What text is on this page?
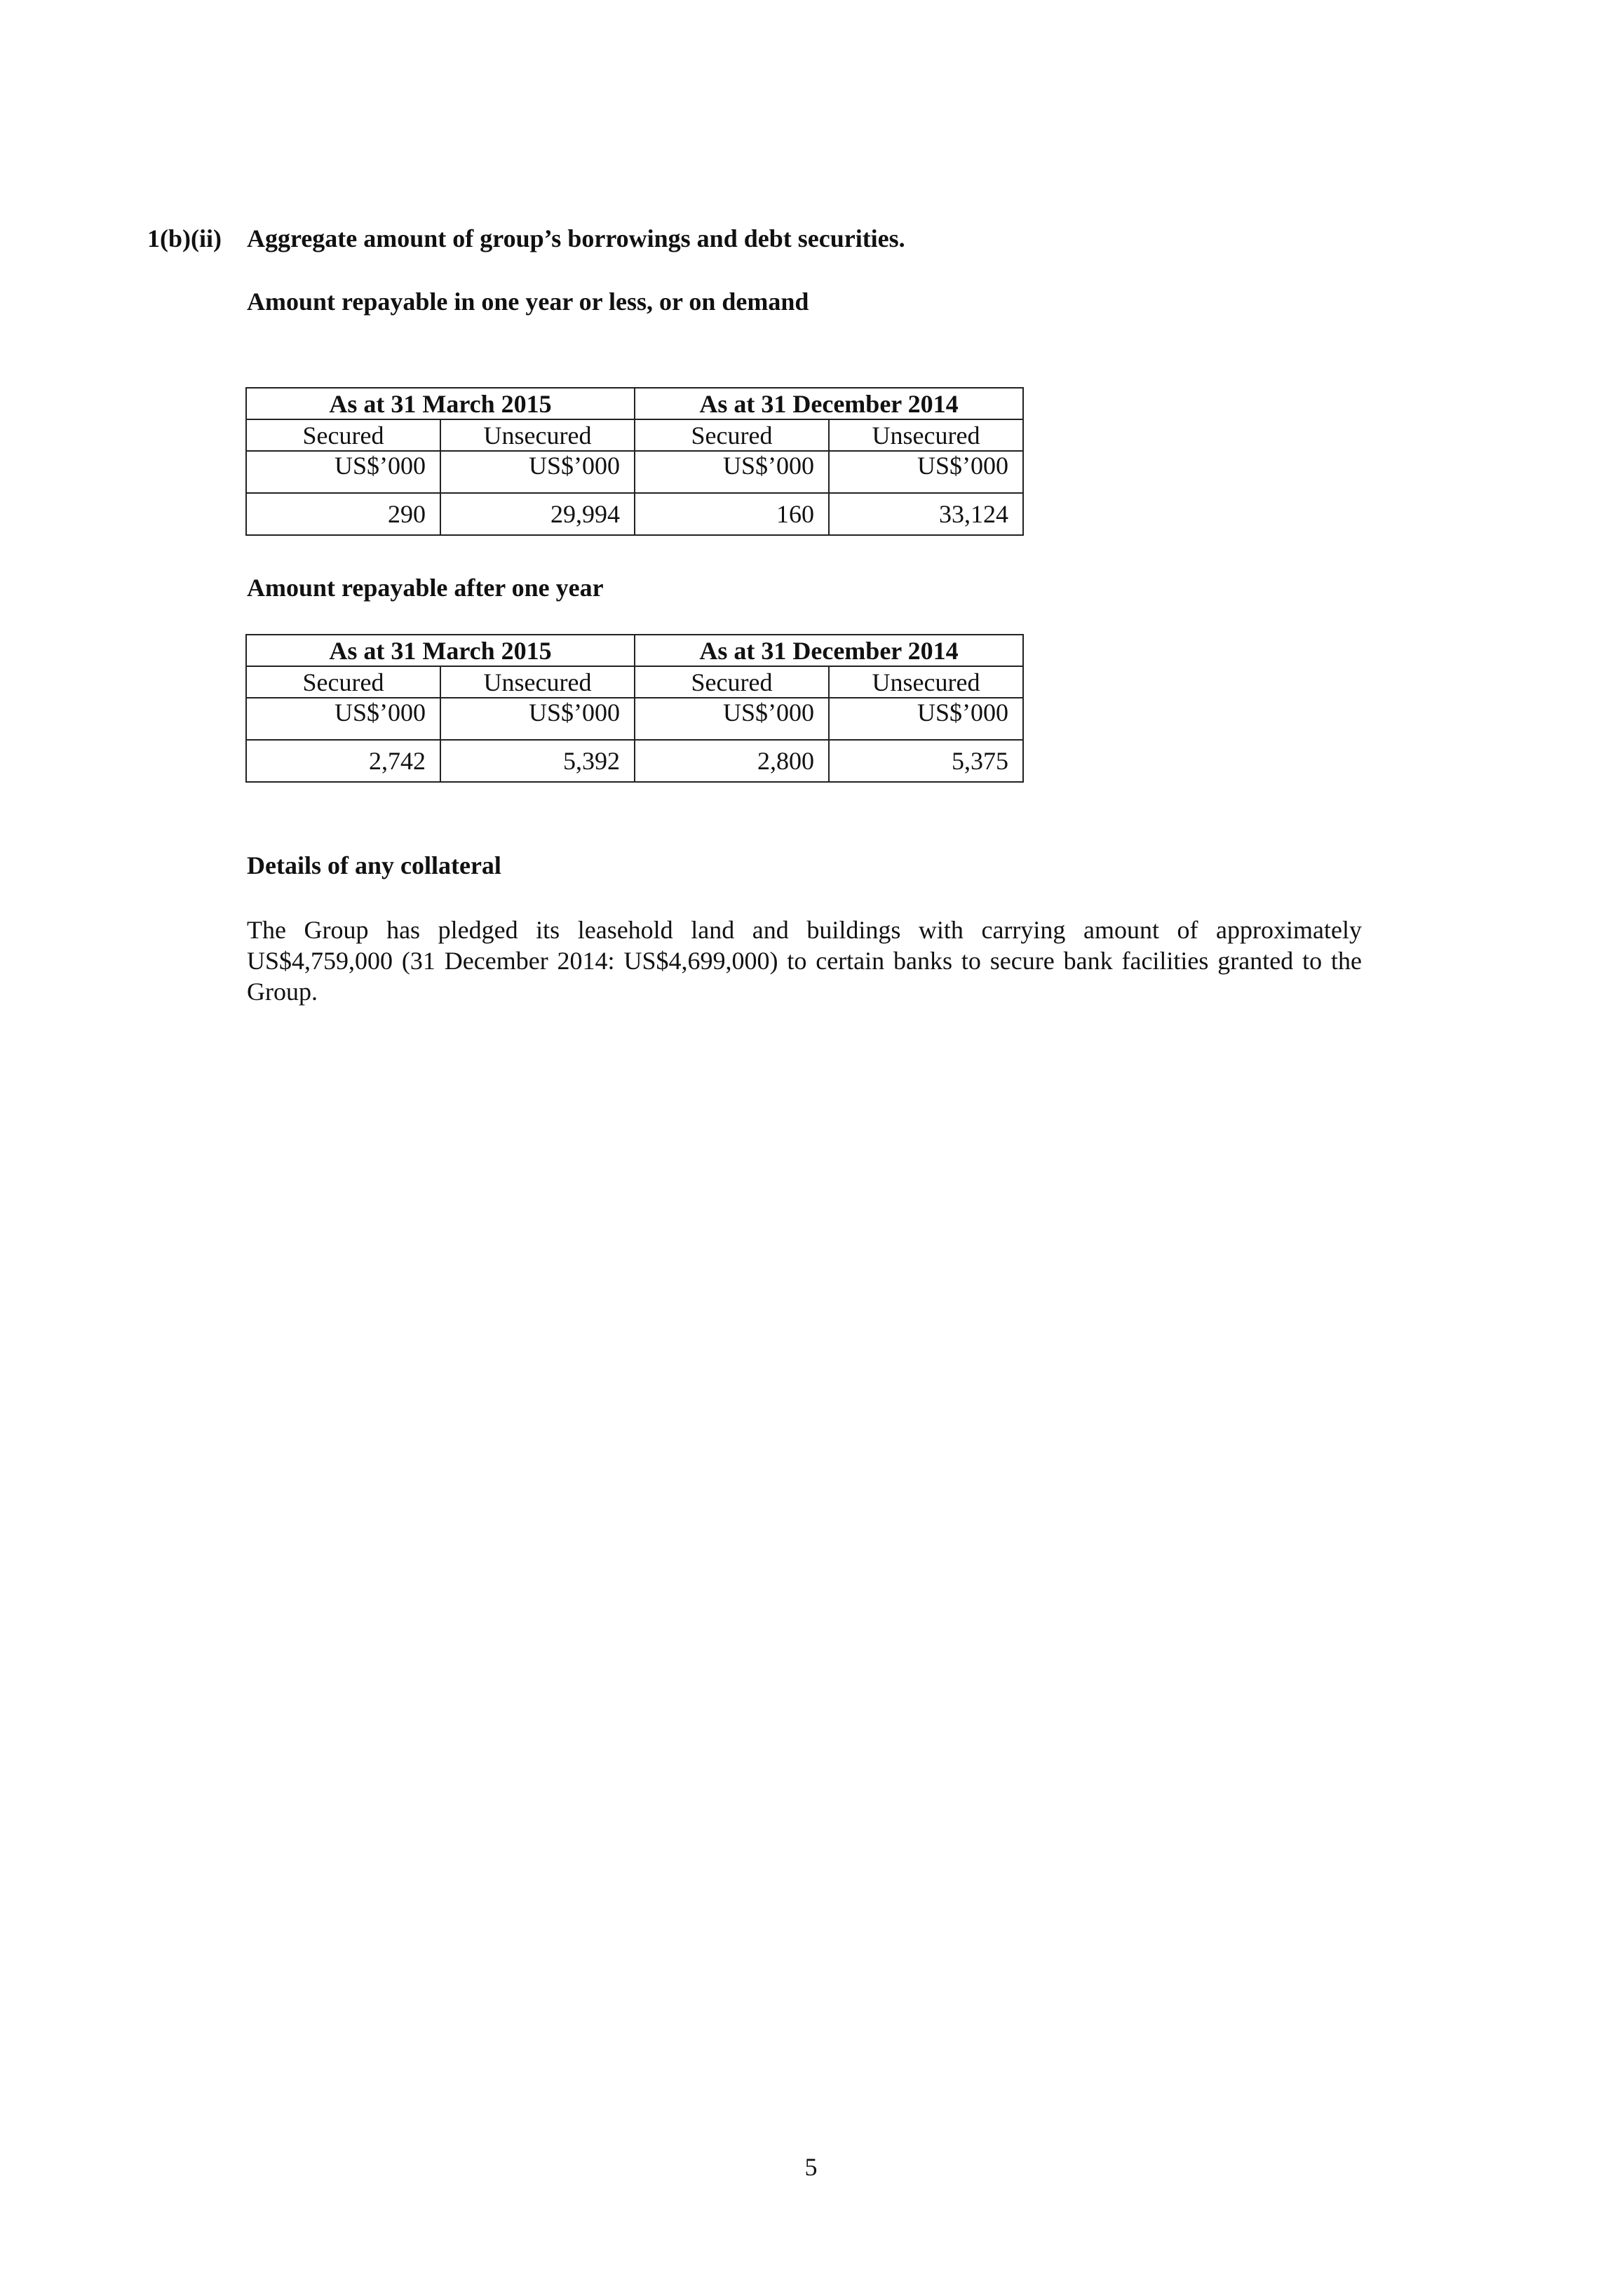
1(b)(ii) Aggregate amount of group’s borrowings and debt securities.
Amount repayable in one year or less, or on demand
As at 31 March 2015		As at 31 December 2014	
Secured	Unsecured	Secured	Unsecured
US$’000	US$’000	US$’000	US$’000
290	29,994	160	33,124
Amount repayable after one year
As at 31 March 2015		As at 31 December 2014	
Secured	Unsecured	Secured	Unsecured
US$’000	US$’000	US$’000	US$’000
2,742	5,392	2,800	5,375
Details of any collateral
The Group has pledged its leasehold land and buildings with carrying amount of approximately US$4,759,000 (31 December 2014: US$4,699,000) to certain banks to secure bank facilities granted to the Group.
5
